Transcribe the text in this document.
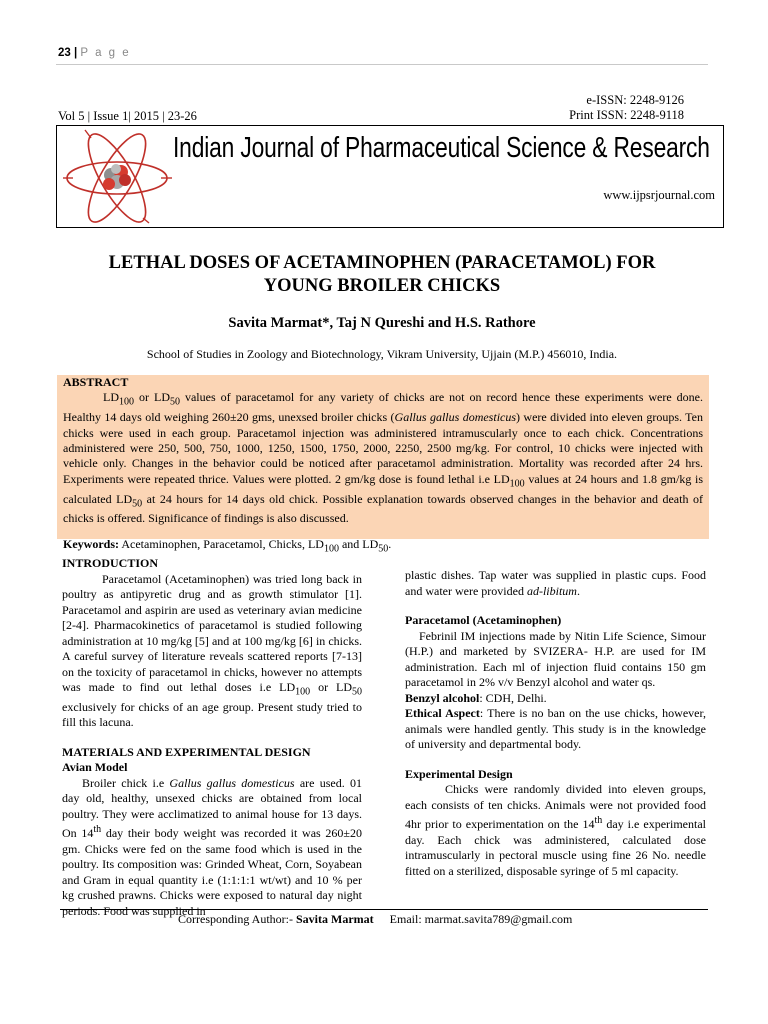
23 | P a g e
e-ISSN: 2248-9126
Print ISSN: 2248-9118
Vol 5 | Issue 1| 2015 | 23-26
Indian Journal of Pharmaceutical Science & Research
www.ijpsrjournal.com
LETHAL DOSES OF ACETAMINOPHEN (PARACETAMOL) FOR
YOUNG BROILER CHICKS
Savita Marmat*, Taj N Qureshi and H.S. Rathore
School of Studies in Zoology and Biotechnology, Vikram University, Ujjain (M.P.) 456010, India.
ABSTRACT
$LD_{100}$ or $LD_{50}$ values of paracetamol for any variety of chicks are not on record hence these experiments were done. Healthy 14 days old weighing 260±20 gms, unexsed broiler chicks (Gallus gallus domesticus) were divided into eleven groups. Ten chicks were used in each group. Paracetamol injection was administered intramuscularly once to each chick. Concentrations administered were 250, 500, 750, 1000, 1250, 1500, 1750, 2000, 2250, 2500 mg/kg. For control, 10 chicks were injected with vehicle only. Changes in the behavior could be noticed after paracetamol administration. Mortality was recorded after 24 hrs. Experiments were repeated thrice. Values were plotted. 2 gm/kg dose is found lethal i.e $LD_{100}$ values at 24 hours and 1.8 gm/kg is calculated $LD_{50}$ at 24 hours for 14 days old chick. Possible explanation towards observed changes in the behavior and death of chicks is offered. Significance of findings is also discussed.
Keywords: Acetaminophen, Paracetamol, Chicks, $LD_{100}$ and $LD_{50}$.
INTRODUCTION
Paracetamol (Acetaminophen) was tried long back in poultry as antipyretic drug and as growth stimulator [1]. Paracetamol and aspirin are used as veterinary avian medicine [2-4]. Pharmacokinetics of paracetamol is studied following administration at 10 mg/kg [5] and at 100 mg/kg [6] in chicks. A careful survey of literature reveals scattered reports [7-13] on the toxicity of paracetamol in chicks, however no attempts was made to find out lethal doses i.e $LD_{100}$ or $LD_{50}$ exclusively for chicks of an age group. Present study tried to fill this lacuna.
MATERIALS AND EXPERIMENTAL DESIGN
Avian Model
Broiler chick i.e Gallus gallus domesticus are used. 01 day old, healthy, unsexed chicks are obtained from local poultry. They were acclimatized to animal house for 13 days. On 14th day their body weight was recorded it was 260±20 gm. Chicks were fed on the same food which is used in the poultry. Its composition was: Grinded Wheat, Corn, Soyabean and Gram in equal quantity i.e (1:1:1:1 wt/wt) and 10 % per kg crushed prawns. Chicks were exposed to natural day night periods. Food was supplied in
plastic dishes. Tap water was supplied in plastic cups. Food and water were provided ad-libitum.
Paracetamol (Acetaminophen)
Febrinil IM injections made by Nitin Life Science, Simour (H.P.) and marketed by SVIZERA- H.P. are used for IM administration. Each ml of injection fluid contains 150 gm paracetamol in 2% v/v Benzyl alcohol and water qs.
Benzyl alcohol: CDH, Delhi.
Ethical Aspect: There is no ban on the use chicks, however, animals were handled gently. This study is in the knowledge of university and departmental body.
Experimental Design
Chicks were randomly divided into eleven groups, each consists of ten chicks. Animals were not provided food 4hr prior to experimentation on the 14th day i.e experimental day. Each chick was administered, calculated dose intramuscularly in pectoral muscle using fine 26 No. needle fitted on a sterilized, disposable syringe of 5 ml capacity.
Corresponding Author:- Savita Marmat Email: marmat.savita789@gmail.com
